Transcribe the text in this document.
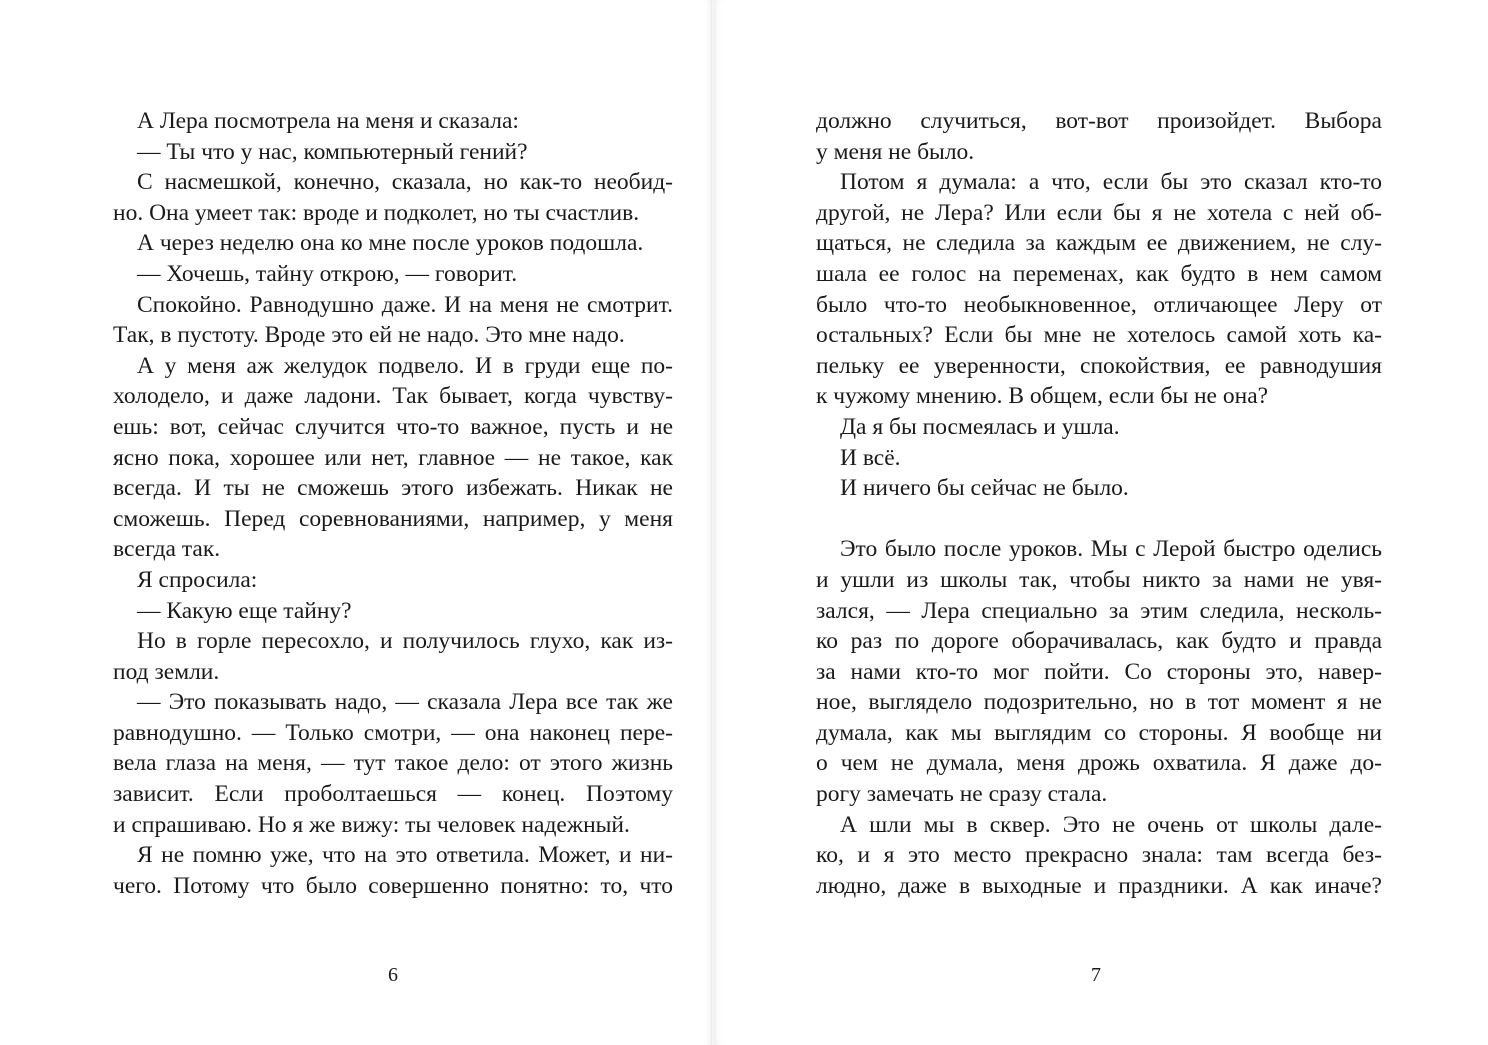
А Лера посмотрела на меня и сказала:
— Ты что у нас, компьютерный гений?
С насмешкой, конечно, сказала, но как-то необид-
но. Она умеет так: вроде и подколет, но ты счастлив.
А через неделю она ко мне после уроков подошла.
— Хочешь, тайну открою, — говорит.
Спокойно. Равнодушно даже. И на меня не смотрит.
Так, в пустоту. Вроде это ей не надо. Это мне надо.
А у меня аж желудок подвело. И в груди еще по-
холодело, и даже ладони. Так бывает, когда чувству-
ешь: вот, сейчас случится что-то важное, пусть и не
ясно пока, хорошее или нет, главное — не такое, как
всегда. И ты не сможешь этого избежать. Никак не
сможешь. Перед соревнованиями, например, у меня
всегда так.
Я спросила:
— Какую еще тайну?
Но в горле пересохло, и получилось глухо, как из-
под земли.
— Это показывать надо, — сказала Лера все так же
равнодушно. — Только смотри, — она наконец пере-
вела глаза на меня, — тут такое дело: от этого жизнь
зависит. Если проболтаешься — конец. Поэтому
и спрашиваю. Но я же вижу: ты человек надежный.
Я не помню уже, что на это ответила. Может, и ни-
чего. Потому что было совершенно понятно: то, что
6
должно случиться, вот-вот произойдет. Выбора
у меня не было.
Потом я думала: а что, если бы это сказал кто-то
другой, не Лера? Или если бы я не хотела с ней об-
щаться, не следила за каждым ее движением, не слу-
шала ее голос на переменах, как будто в нем самом
было что-то необыкновенное, отличающее Леру от
остальных? Если бы мне не хотелось самой хоть ка-
пельку ее уверенности, спокойствия, ее равнодушия
к чужому мнению. В общем, если бы не она?
Да я бы посмеялась и ушла.
И всё.
И ничего бы сейчас не было.
Это было после уроков. Мы с Лерой быстро оделись
и ушли из школы так, чтобы никто за нами не увя-
зался, — Лера специально за этим следила, несколь-
ко раз по дороге оборачивалась, как будто и правда
за нами кто-то мог пойти. Со стороны это, навер-
ное, выглядело подозрительно, но в тот момент я не
думала, как мы выглядим со стороны. Я вообще ни
о чем не думала, меня дрожь охватила. Я даже до-
рогу замечать не сразу стала.
А шли мы в сквер. Это не очень от школы дале-
ко, и я это место прекрасно знала: там всегда без-
людно, даже в выходные и праздники. А как иначе?
7
